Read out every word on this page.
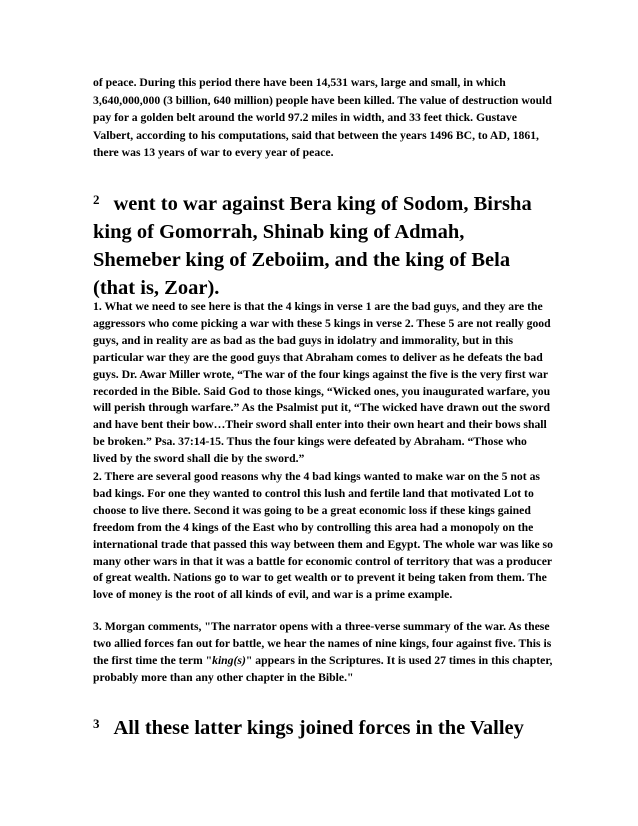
of peace. During this period there have been 14,531 wars, large and small, in which 3,640,000,000 (3 billion, 640 million) people have been killed. The value of destruction would pay for a golden belt around the world 97.2 miles in width, and 33 feet thick. Gustave Valbert, according to his computations, said that between the years 1496 BC, to AD, 1861, there was 13 years of war to every year of peace.

$^2$ went to war against Bera king of Sodom, Birsha king of Gomorrah, Shinab king of Admah, Shemeber king of Zeboiim, and the king of Bela (that is, Zoar).

1. What we need to see here is that the 4 kings in verse 1 are the bad guys, and they are the aggressors who come picking a war with these 5 kings in verse 2. These 5 are not really good guys, and in reality are as bad as the bad guys in idolatry and immorality, but in this particular war they are the good guys that Abraham comes to deliver as he defeats the bad guys. Dr. Awar Miller wrote, “The war of the four kings against the five is the very first war recorded in the Bible. Said God to those kings, “Wicked ones, you inaugurated warfare, you will perish through warfare.” As the Psalmist put it, “The wicked have drawn out the sword and have bent their bow…Their sword shall enter into their own heart and their bows shall be broken.” Psa. 37:14-15. Thus the four kings were defeated by Abraham. “Those who lived by the sword shall die by the sword.”

2. There are several good reasons why the 4 bad kings wanted to make war on the 5 not as bad kings. For one they wanted to control this lush and fertile land that motivated Lot to choose to live there. Second it was going to be a great economic loss if these kings gained freedom from the 4 kings of the East who by controlling this area had a monopoly on the international trade that passed this way between them and Egypt. The whole war was like so many other wars in that it was a battle for economic control of territory that was a producer of great wealth. Nations go to war to get wealth or to prevent it being taken from them. The love of money is the root of all kinds of evil, and war is a prime example.

3. Morgan comments, "The narrator opens with a three-verse summary of the war. As these two allied forces fan out for battle, we hear the names of nine kings, four against five. This is the first time the term "king(s)" appears in the Scriptures. It is used 27 times in this chapter, probably more than any other chapter in the Bible."

$^3$ All these latter kings joined forces in the Valley
